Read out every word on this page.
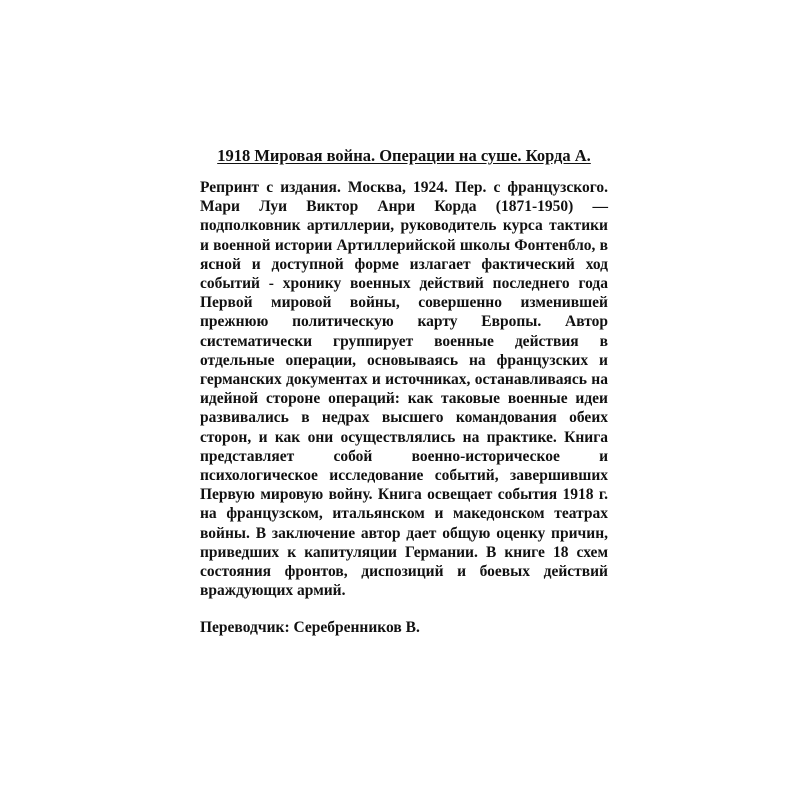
1918 Мировая война. Операции на суше. Корда А.
Репринт с издания. Москва, 1924. Пер. с французского.
Мари Луи Виктор Анри Корда (1871-1950) —
подполковник артиллерии, руководитель курса тактики
и военной истории Артиллерийской школы Фонтенбло, в
ясной и доступной форме излагает фактический ход
событий - хронику военных действий последнего года
Первой мировой войны, совершенно изменившей
прежнюю политическую карту Европы. Автор
систематически группирует военные действия в
отдельные операции, основываясь на французских и
германских документах и источниках, останавливаясь на
идейной стороне операций: как таковые военные идеи
развивались в недрах высшего командования обеих
сторон, и как они осуществлялись на практике. Книга
представляет собой военно-историческое и
психологическое исследование событий, завершивших
Первую мировую войну. Книга освещает события 1918 г.
на французском, итальянском и македонском театрах
войны. В заключение автор дает общую оценку причин,
приведших к капитуляции Германии. В книге 18 схем
состояния фронтов, диспозиций и боевых действий
враждующих армий.
Переводчик: Серебренников В.
